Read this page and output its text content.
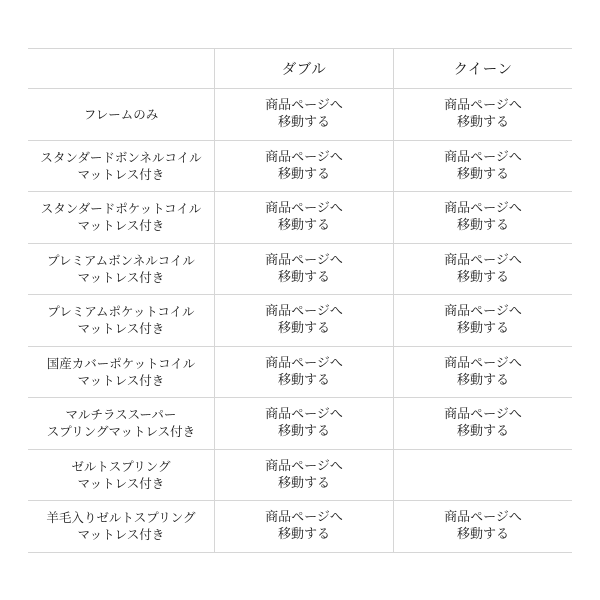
ダブル	クイーン
フレームのみ
商品ページへ
移動する
商品ページへ
移動する
スタンダードボンネルコイル
マットレス付き
商品ページへ
移動する
商品ページへ
移動する
スタンダードポケットコイル
マットレス付き
商品ページへ
移動する
商品ページへ
移動する
プレミアムボンネルコイル
マットレス付き
商品ページへ
移動する
商品ページへ
移動する
プレミアムポケットコイル
マットレス付き
商品ページへ
移動する
商品ページへ
移動する
国産カバーポケットコイル
マットレス付き
商品ページへ
移動する
商品ページへ
移動する
マルチラススーパー
スプリングマットレス付き
商品ページへ
移動する
商品ページへ
移動する
ゼルトスプリング
マットレス付き
商品ページへ
移動する
羊毛入りゼルトスプリング
マットレス付き
商品ページへ
移動する
商品ページへ
移動する
